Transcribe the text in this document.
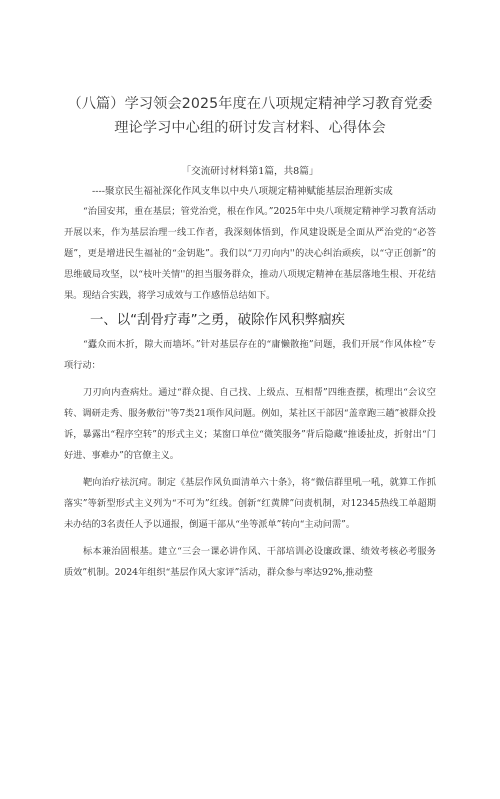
（八篇）学习领会2025年度在八项规定精神学习教育党委理论学习中心组的研讨发言材料、心得体会
「交流研讨材料第1篇，共8篇」
----聚京民生福祉深化作风支隼以中央八项规定精神赋能基层治理新实成

“治国安邦，重在基层；管党治党，根在作风。”2025年中央八项规定精神学习教育活动开展以来，作为基层治理一线工作者，我深刻体悟到，作风建设既是全面从严治党的“必答题”，更是增进民生福祉的“金钥匙”。我们以“刀刃向内''的决心纠治顽疾，以“守正创新”的思维破局攻坚，以“枝叶关情''的担当服务群众，推动八项规定精神在基层落地生根、开花结果。现结合实践，将学习成效与工作感悟总结如下。

一、以“刮骨疗毒”之勇，破除作风积弊痼疾

“蠹众而木折，隙大而墙坏。”针对基层存在的“庸懒散拖”问题，我们开展“作风体检”专项行动：

刀刃向内查病灶。通过“群众提、自己找、上级点、互相帮”四维查摆，梳理出“会议空转、调研走秀、服务敷衍''等7类21项作风问题。例如，某社区干部因“盖章跑三趟”被群众投诉，暴露出“程序空转”的形式主义；某窗口单位“微笑服务”背后隐藏“推诿扯皮，折射出“门好进、事难办”的官僚主义。

靶向治疗祛沉疴。制定《基层作风负面清单六十条》，将“微信群里吼一吼，就算工作抓落实”等新型形式主义列为“不可为”红线。创新“红黄牌”问责机制，对12345热线工单超期未办结的3名责任人予以通报，倒逼干部从“坐等派单”转向“主动问需”。

标本兼治固根基。建立“三会一课必讲作风、干部培训必设廉政课、绩效考核必考服务质效”机制。2024年组织“基层作风大家评”活动，群众参与率达92%,推动整
